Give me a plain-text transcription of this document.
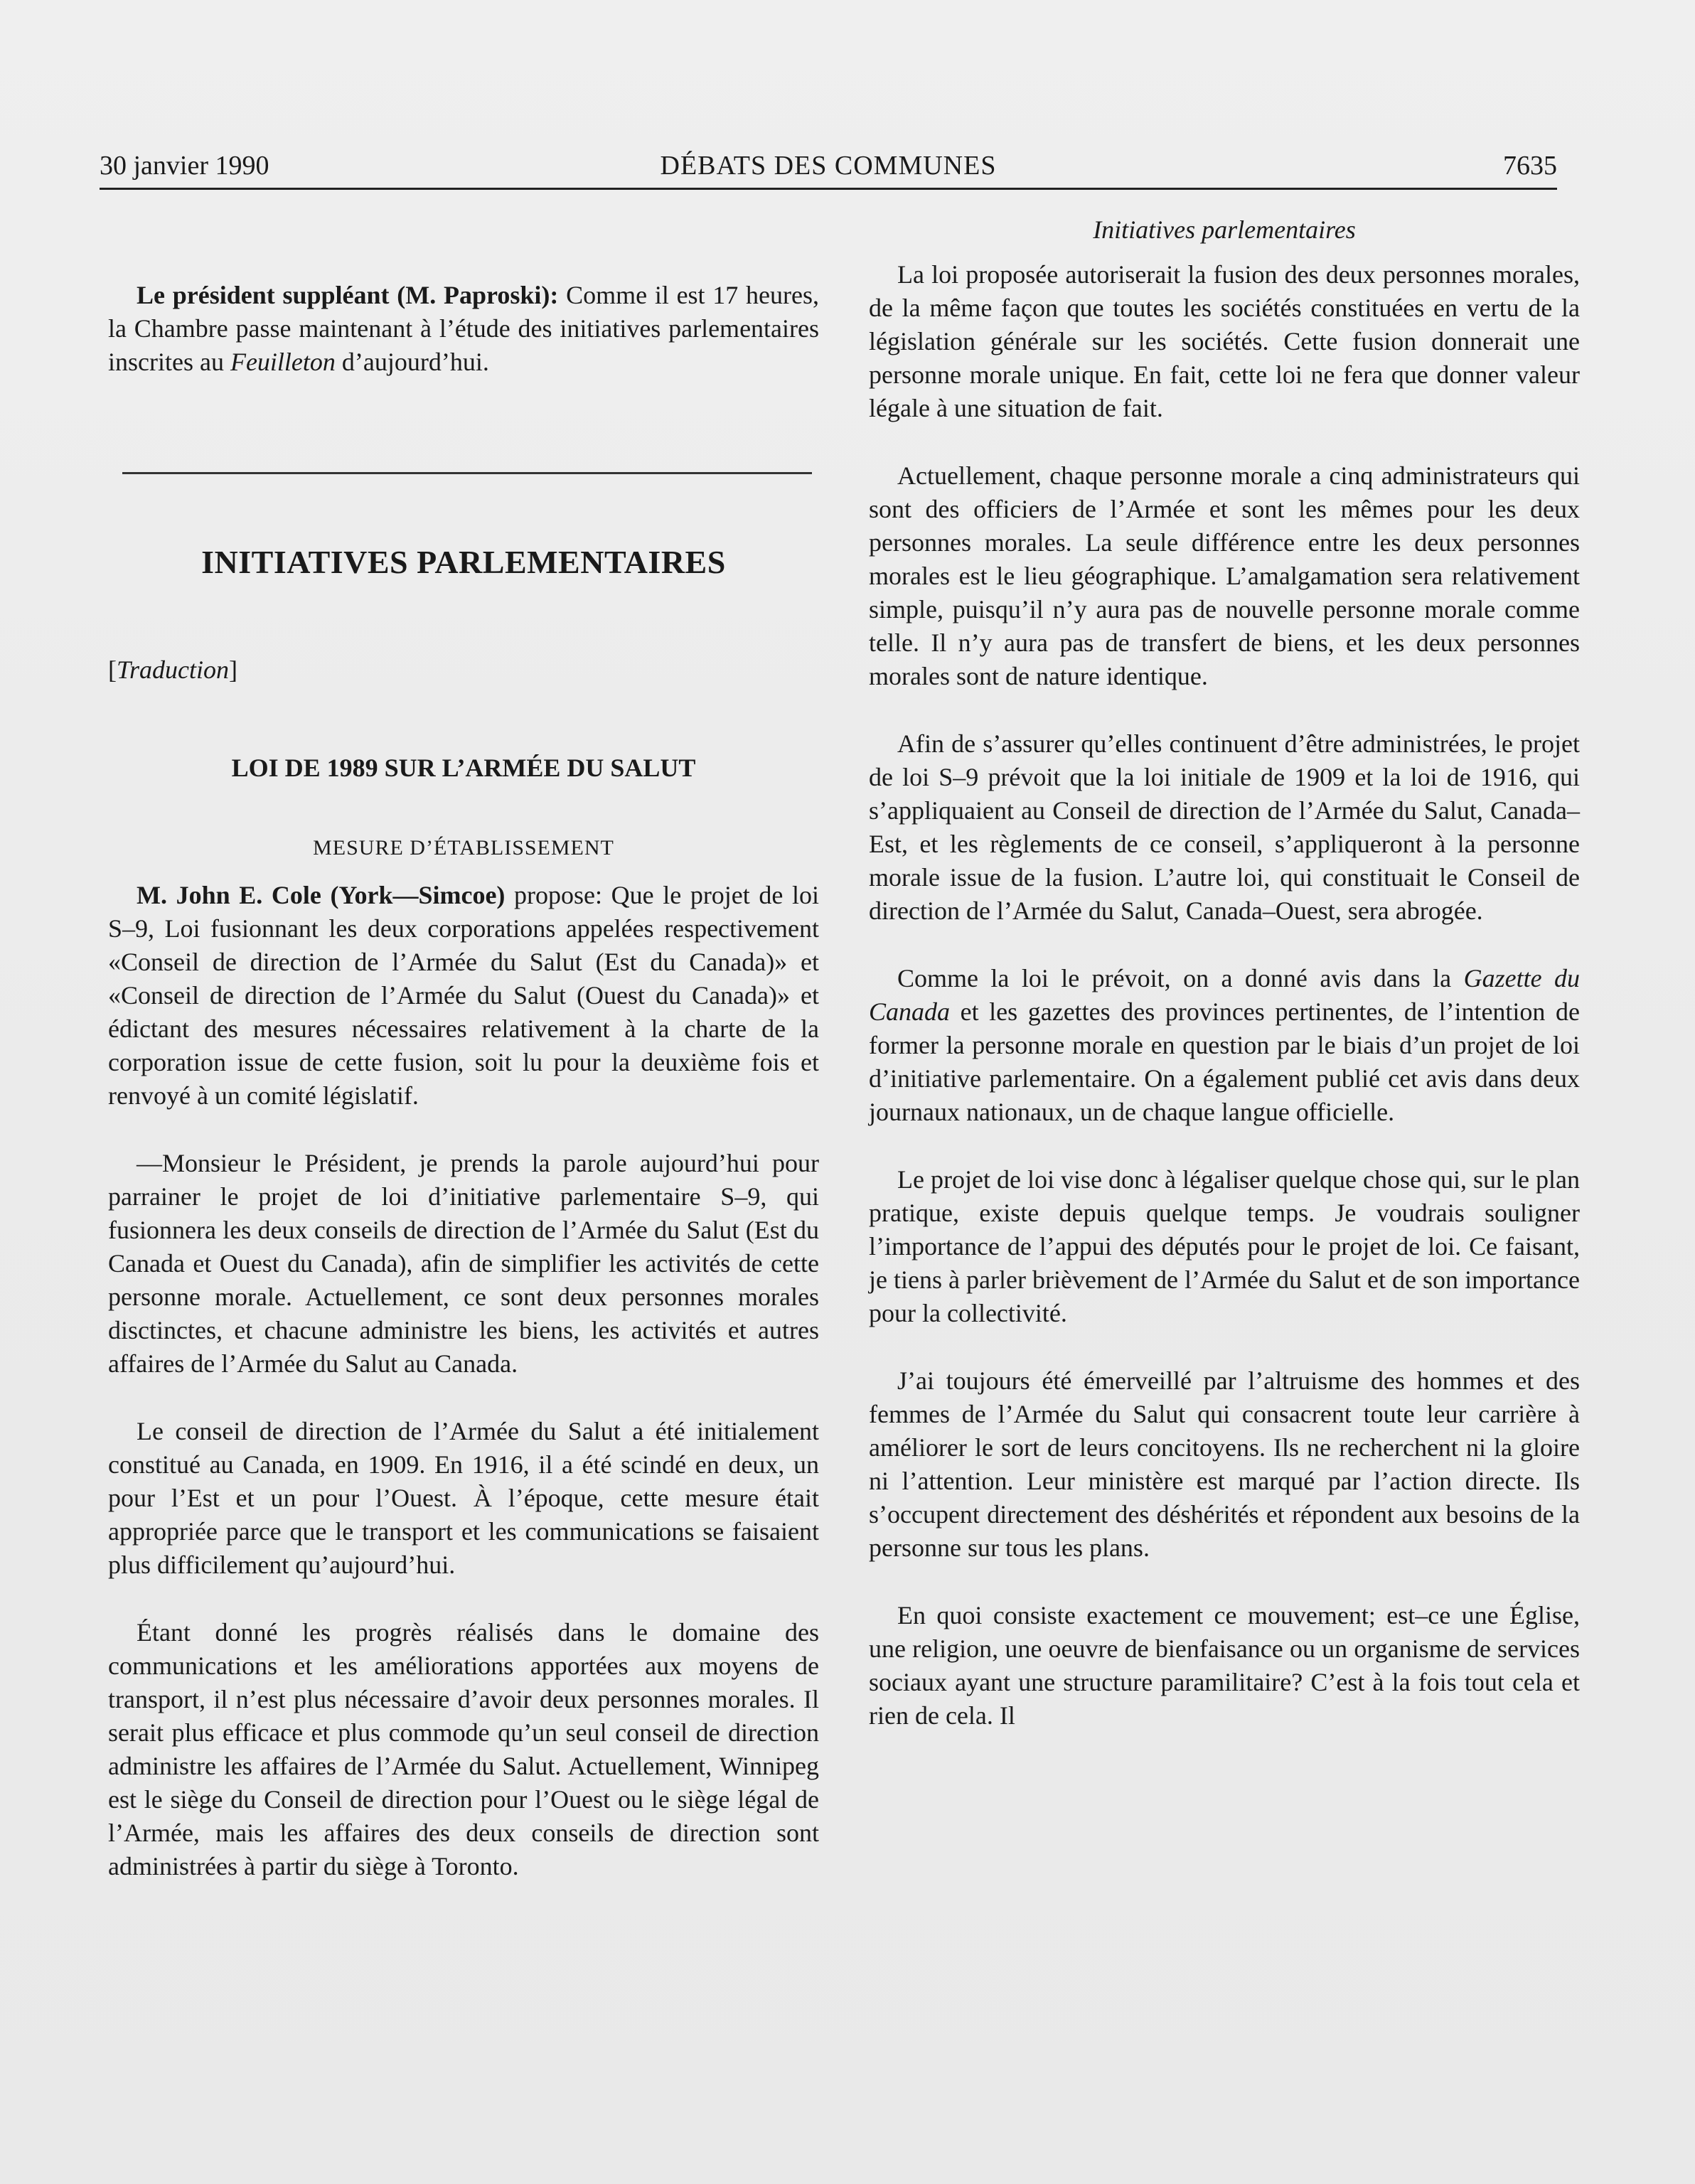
30 janvier 1990	DÉBATS DES COMMUNES	7635

Le président suppléant (M. Paproski): Comme il est 17 heures, la Chambre passe maintenant à l’étude des initiatives parlementaires inscrites au Feuilleton d’aujourd’hui.

INITIATIVES PARLEMENTAIRES

[Traduction]

LOI DE 1989 SUR L’ARMÉE DU SALUT
MESURE D’ÉTABLISSEMENT

M. John E. Cole (York—Simcoe) propose: Que le projet de loi S–9, Loi fusionnant les deux corporations appelées respectivement «Conseil de direction de l’Armée du Salut (Est du Canada)» et «Conseil de direction de l’Armée du Salut (Ouest du Canada)» et édictant des mesures nécessaires relativement à la charte de la corporation issue de cette fusion, soit lu pour la deuxième fois et renvoyé à un comité législatif.

—Monsieur le Président, je prends la parole aujourd’hui pour parrainer le projet de loi d’initiative parlementaire S–9, qui fusionnera les deux conseils de direction de l’Armée du Salut (Est du Canada et Ouest du Canada), afin de simplifier les activités de cette personne morale. Actuellement, ce sont deux personnes morales disctinctes, et chacune administre les biens, les activités et autres affaires de l’Armée du Salut au Canada.

Le conseil de direction de l’Armée du Salut a été initialement constitué au Canada, en 1909. En 1916, il a été scindé en deux, un pour l’Est et un pour l’Ouest. À l’époque, cette mesure était appropriée parce que le transport et les communications se faisaient plus difficilement qu’aujourd’hui.

Étant donné les progrès réalisés dans le domaine des communications et les améliorations apportées aux moyens de transport, il n’est plus nécessaire d’avoir deux personnes morales. Il serait plus efficace et plus commode qu’un seul conseil de direction administre les affaires de l’Armée du Salut. Actuellement, Winnipeg est le siège du Conseil de direction pour l’Ouest ou le siège légal de l’Armée, mais les affaires des deux conseils de direction sont administrées à partir du siège à Toronto.

Initiatives parlementaires

La loi proposée autoriserait la fusion des deux personnes morales, de la même façon que toutes les sociétés constituées en vertu de la législation générale sur les sociétés. Cette fusion donnerait une personne morale unique. En fait, cette loi ne fera que donner valeur légale à une situation de fait.

Actuellement, chaque personne morale a cinq administrateurs qui sont des officiers de l’Armée et sont les mêmes pour les deux personnes morales. La seule différence entre les deux personnes morales est le lieu géographique. L’amalgamation sera relativement simple, puisqu’il n’y aura pas de nouvelle personne morale comme telle. Il n’y aura pas de transfert de biens, et les deux personnes morales sont de nature identique.

Afin de s’assurer qu’elles continuent d’être administrées, le projet de loi S–9 prévoit que la loi initiale de 1909 et la loi de 1916, qui s’appliquaient au Conseil de direction de l’Armée du Salut, Canada–Est, et les règlements de ce conseil, s’appliqueront à la personne morale issue de la fusion. L’autre loi, qui constituait le Conseil de direction de l’Armée du Salut, Canada–Ouest, sera abrogée.

Comme la loi le prévoit, on a donné avis dans la Gazette du Canada et les gazettes des provinces pertinentes, de l’intention de former la personne morale en question par le biais d’un projet de loi d’initiative parlementaire. On a également publié cet avis dans deux journaux nationaux, un de chaque langue officielle.

Le projet de loi vise donc à légaliser quelque chose qui, sur le plan pratique, existe depuis quelque temps. Je voudrais souligner l’importance de l’appui des députés pour le projet de loi. Ce faisant, je tiens à parler brièvement de l’Armée du Salut et de son importance pour la collectivité.

J’ai toujours été émerveillé par l’altruisme des hommes et des femmes de l’Armée du Salut qui consacrent toute leur carrière à améliorer le sort de leurs concitoyens. Ils ne recherchent ni la gloire ni l’attention. Leur ministère est marqué par l’action directe. Ils s’occupent directement des déshérités et répondent aux besoins de la personne sur tous les plans.

En quoi consiste exactement ce mouvement; est–ce une Église, une religion, une oeuvre de bienfaisance ou un organisme de services sociaux ayant une structure paramilitaire? C’est à la fois tout cela et rien de cela. Il
